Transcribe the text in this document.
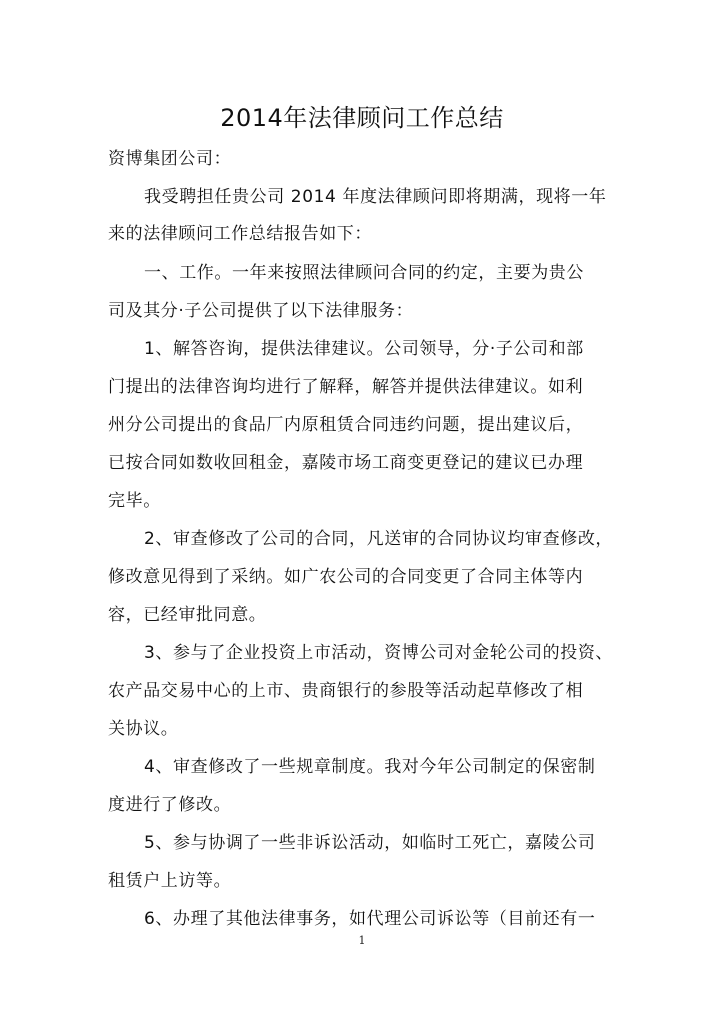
2014年法律顾问工作总结
资博集团公司：
我受聘担任贵公司 2014 年度法律顾问即将期满，现将一年
来的法律顾问工作总结报告如下：
一、工作。一年来按照法律顾问合同的约定，主要为贵公
司及其分·子公司提供了以下法律服务：
1、解答咨询，提供法律建议。公司领导，分·子公司和部
门提出的法律咨询均进行了解释，解答并提供法律建议。如利
州分公司提出的食品厂内原租赁合同违约问题，提出建议后，
已按合同如数收回租金，嘉陵市场工商变更登记的建议已办理
完毕。
2、审查修改了公司的合同，凡送审的合同协议均审查修改，
修改意见得到了采纳。如广农公司的合同变更了合同主体等内
容，已经审批同意。
3、参与了企业投资上市活动，资博公司对金轮公司的投资、
农产品交易中心的上市、贵商银行的参股等活动起草修改了相
关协议。
4、审查修改了一些规章制度。我对今年公司制定的保密制
度进行了修改。
5、参与协调了一些非诉讼活动，如临时工死亡，嘉陵公司
租赁户上访等。
6、办理了其他法律事务，如代理公司诉讼等（目前还有一
1
